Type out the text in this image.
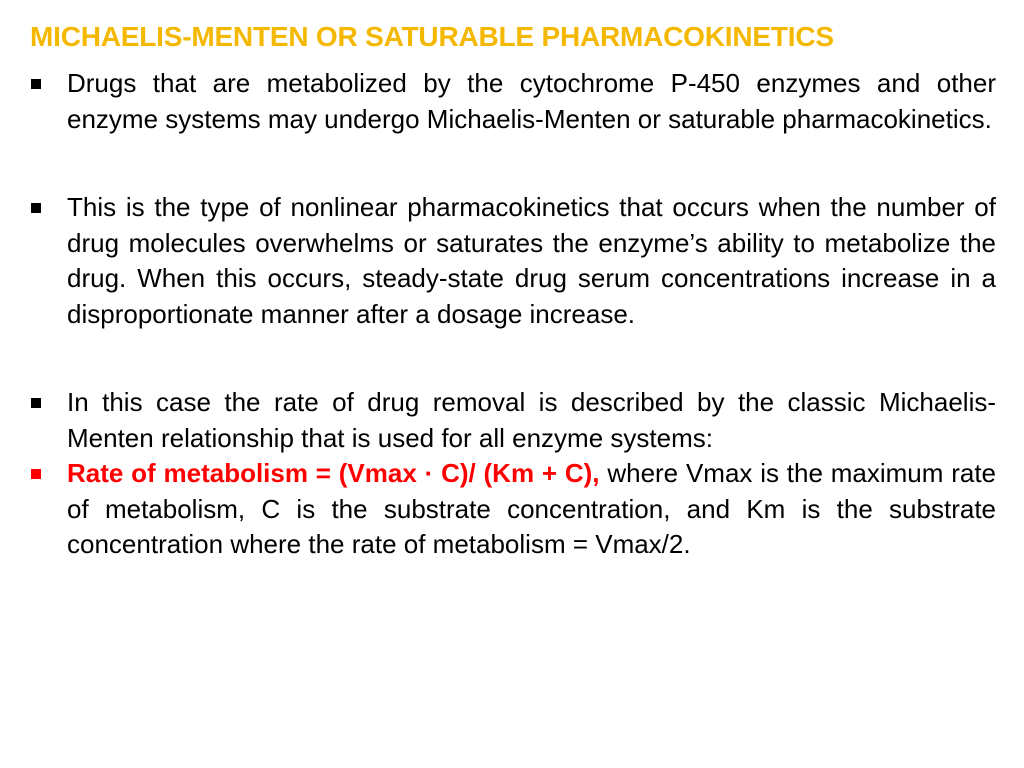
MICHAELIS-MENTEN OR SATURABLE PHARMACOKINETICS
Drugs that are metabolized by the cytochrome P-450 enzymes and other enzyme systems may undergo Michaelis-Menten or saturable pharmacokinetics.
This is the type of nonlinear pharmacokinetics that occurs when the number of drug molecules overwhelms or saturates the enzyme’s ability to metabolize the drug. When this occurs, steady-state drug serum concentrations increase in a disproportionate manner after a dosage increase.
In this case the rate of drug removal is described by the classic Michaelis- Menten relationship that is used for all enzyme systems:
Rate of metabolism = (Vmax · C)/ (Km + C), where Vmax is the maximum rate of metabolism, C is the substrate concentration, and Km is the substrate concentration where the rate of metabolism = Vmax/2.
